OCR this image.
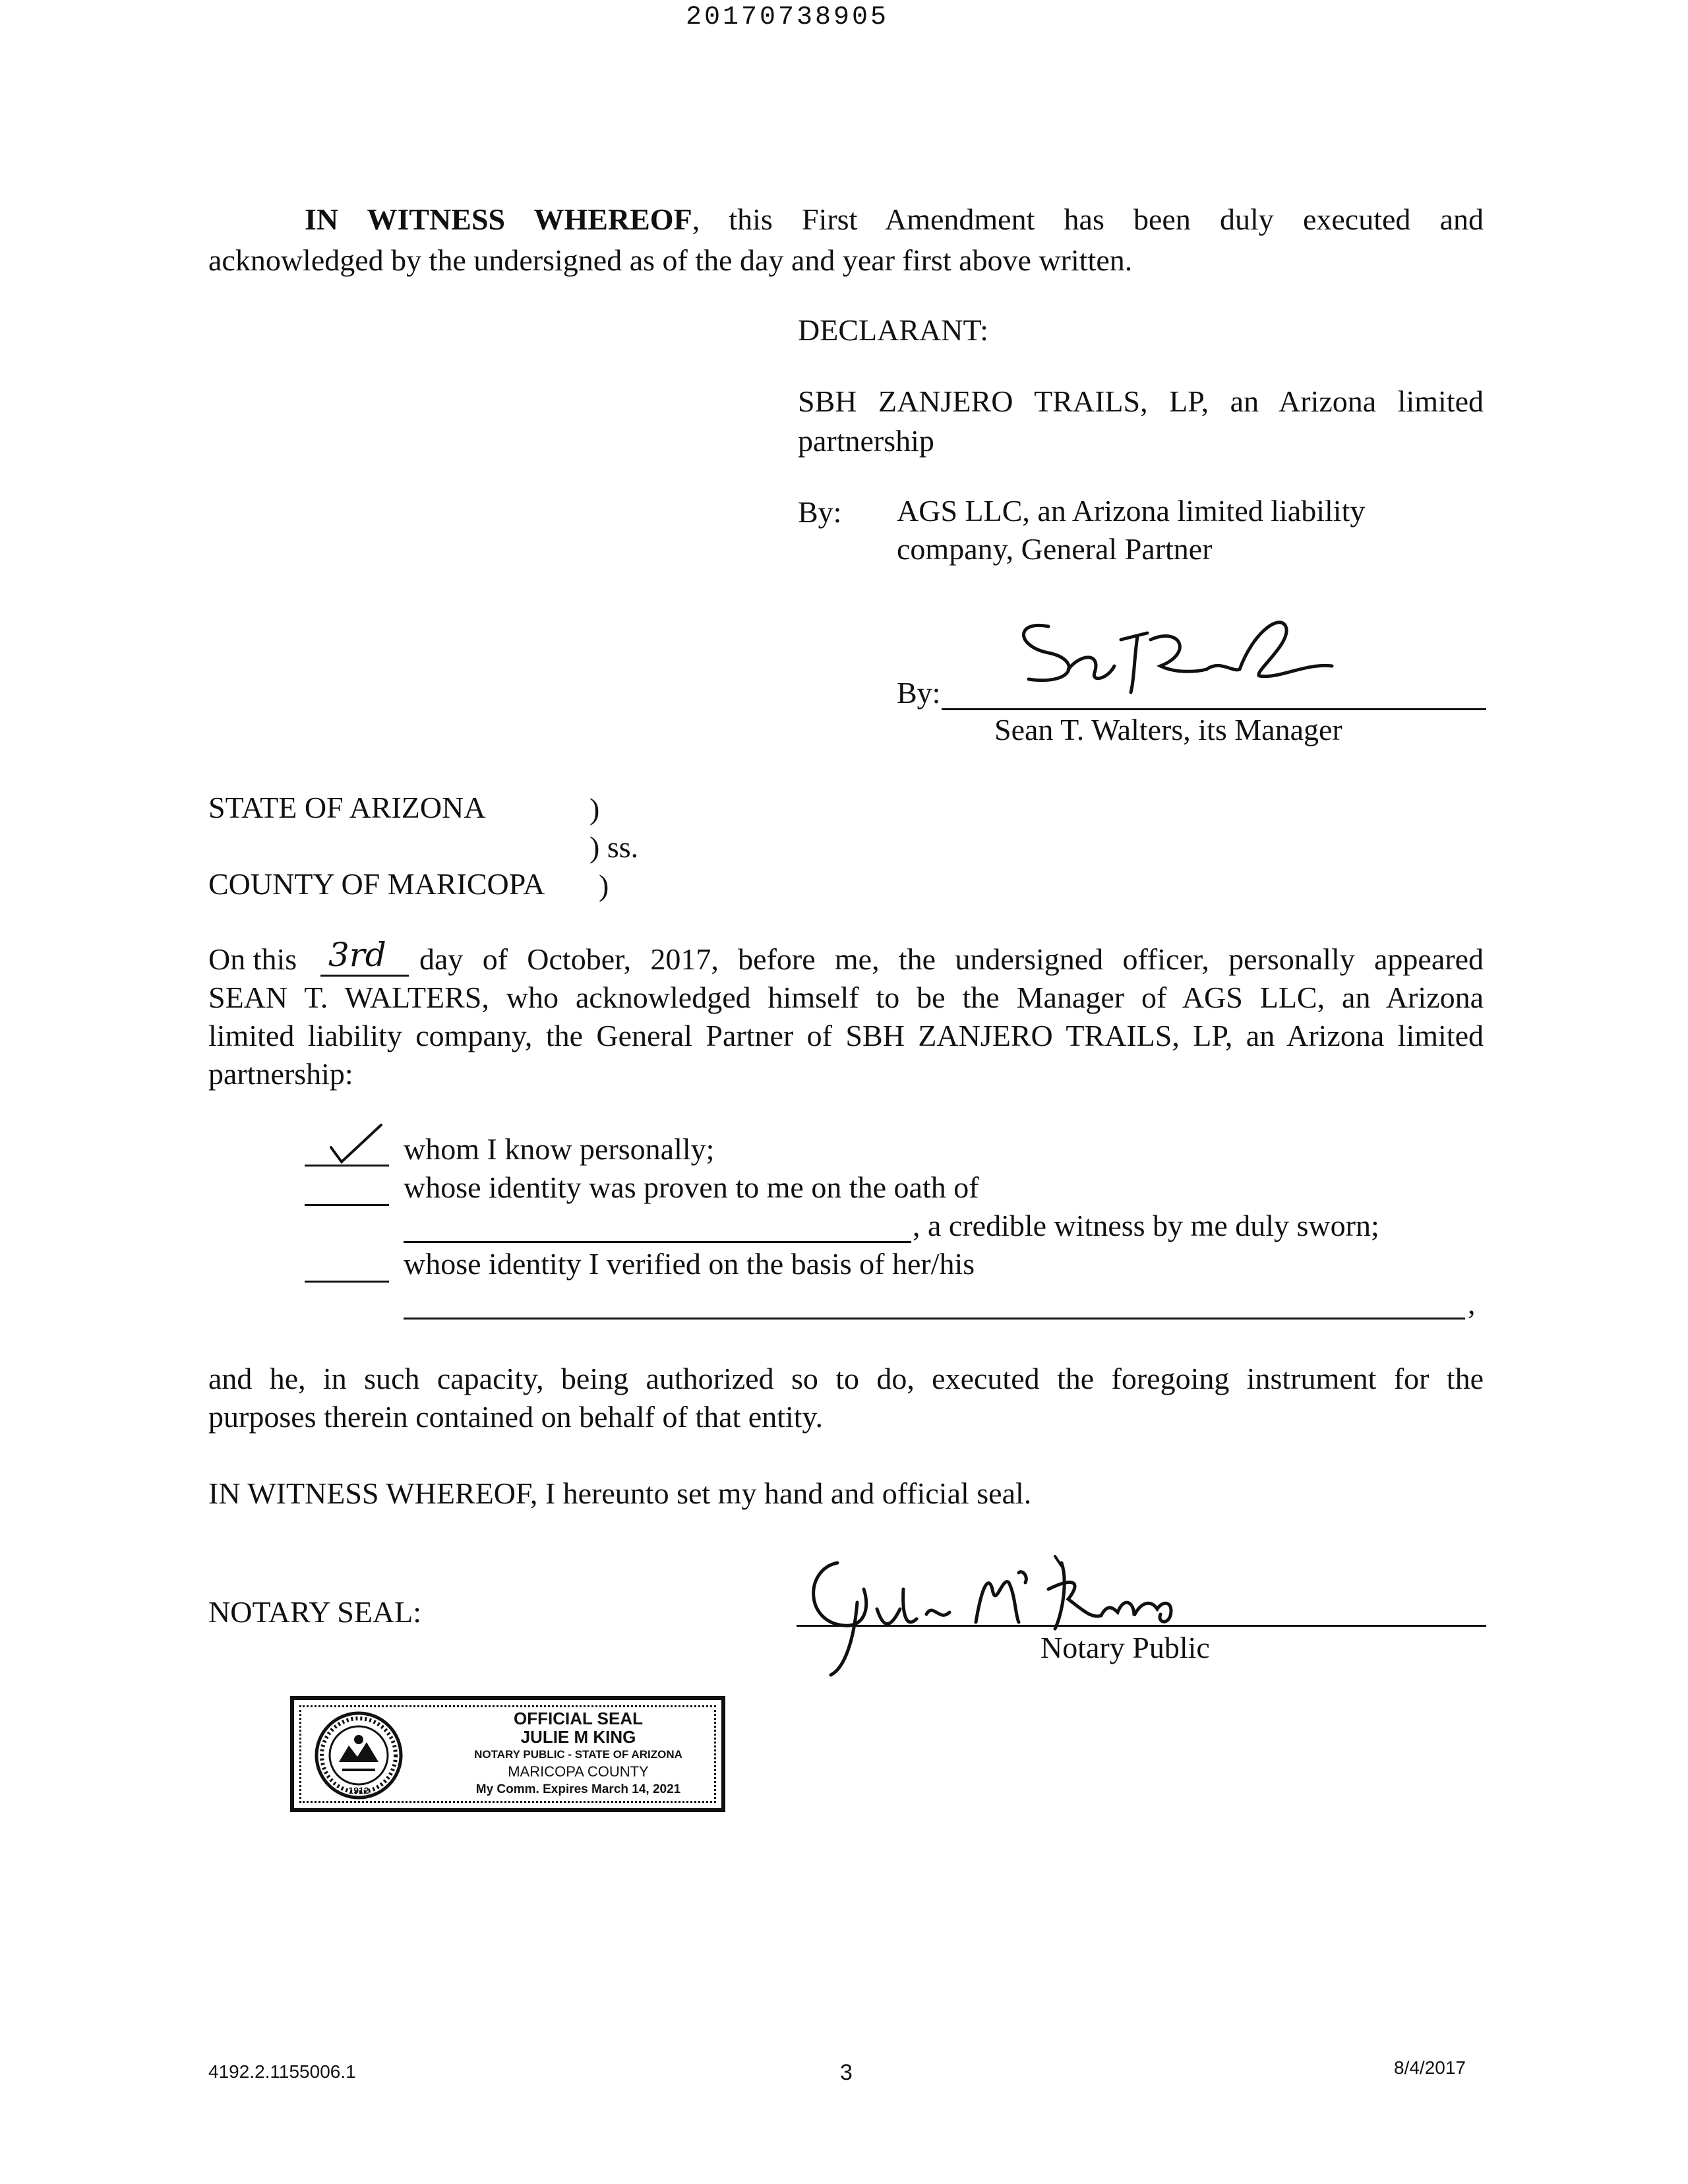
20170738905
IN WITNESS WHEREOF, this First Amendment has been duly executed and
acknowledged by the undersigned as of the day and year first above written.
DECLARANT:
SBH ZANJERO TRAILS, LP, an Arizona limited
partnership
By: AGS LLC, an Arizona limited liability
company, General Partner
By:
Sean T. Walters, its Manager
STATE OF ARIZONA	)
) ss.
COUNTY OF MARICOPA )
On this 3rd day of October, 2017, before me, the undersigned officer, personally appeared
SEAN T. WALTERS, who acknowledged himself to be the Manager of AGS LLC, an Arizona
limited liability company, the General Partner of SBH ZANJERO TRAILS, LP, an Arizona limited
partnership:
whom I know personally;
whose identity was proven to me on the oath of
, a credible witness by me duly sworn;
whose identity I verified on the basis of her/his
,
and he, in such capacity, being authorized so to do, executed the foregoing instrument for the
purposes therein contained on behalf of that entity.
IN WITNESS WHEREOF, I hereunto set my hand and official seal.
NOTARY SEAL:
Notary Public
1912
OFFICIAL SEAL
JULIE M KING
NOTARY PUBLIC - STATE OF ARIZONA
MARICOPA COUNTY
My Comm. Expires March 14, 2021
4192.2.1155006.1	3	8/4/2017
